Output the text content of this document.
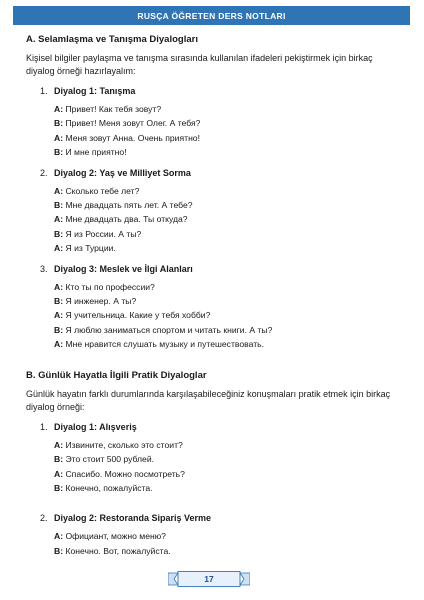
RUSÇA ÖĞRETEN DERS NOTLARI
A. Selamlaşma ve Tanışma Diyalogları
Kişisel bilgiler paylaşma ve tanışma sırasında kullanılan ifadeleri pekiştirmek için birkaç diyalog örneği hazırlayalım:
1. Diyalog 1: Tanışma
A: Привет! Как тебя зовут?
B: Привет! Меня зовут Олег. А тебя?
A: Меня зовут Анна. Очень приятно!
B: И мне приятно!
2. Diyalog 2: Yaş ve Milliyet Sorma
A: Сколько тебе лет?
B: Мне двадцать пять лет. А тебе?
A: Мне двадцать два. Ты откуда?
B: Я из России. А ты?
A: Я из Турции.
3. Diyalog 3: Meslek ve İlgi Alanları
A: Кто ты по профессии?
B: Я инженер. А ты?
A: Я учительница. Какие у тебя хобби?
B: Я люблю заниматься спортом и читать книги. А ты?
A: Мне нравится слушать музыку и путешествовать.
B. Günlük Hayatla İlgili Pratik Diyaloglar
Günlük hayatın farklı durumlarında karşılaşabileceğiniz konuşmaları pratik etmek için birkaç diyalog örneği:
1. Diyalog 1: Alışveriş
A: Извините, сколько это стоит?
B: Это стоит 500 рублей.
A: Спасибо. Можно посмотреть?
B: Конечно, пожалуйста.
2. Diyalog 2: Restoranda Sipariş Verme
A: Официант, можно меню?
B: Конечно. Вот, пожалуйста.
17
